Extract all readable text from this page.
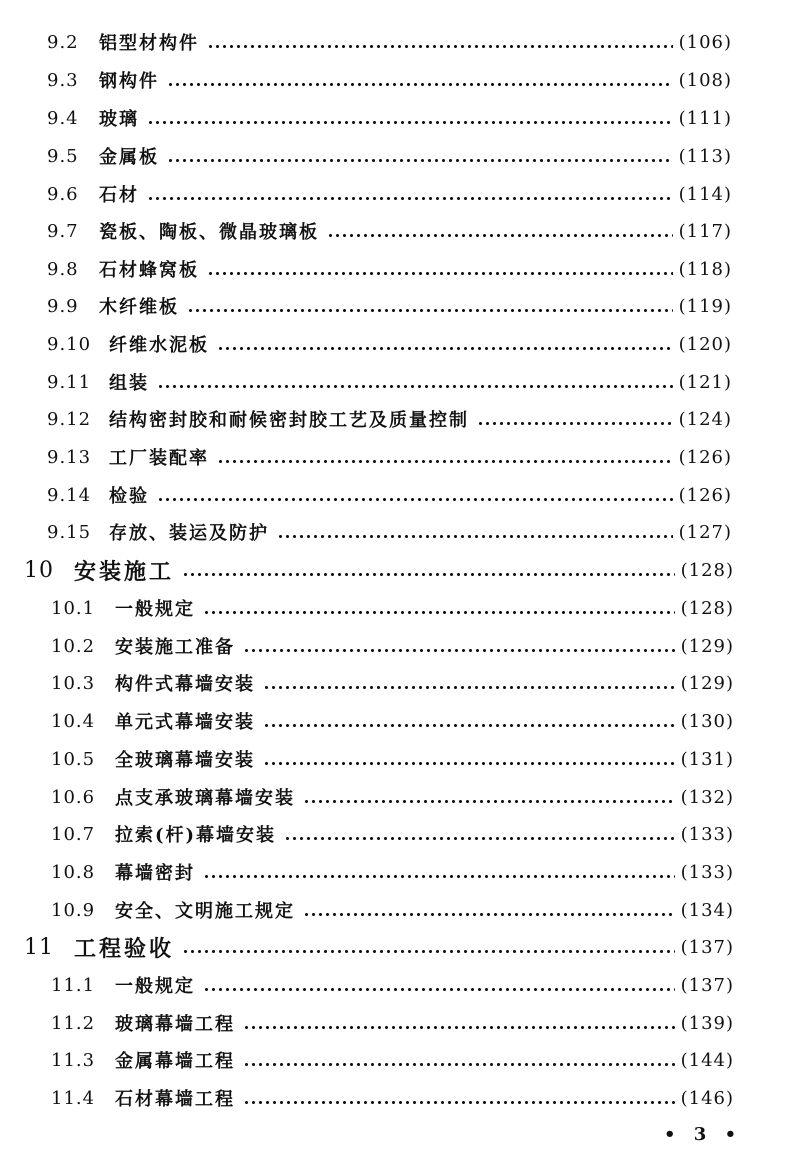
9.2	铝型材构件	(106)
9.3	钢构件	(108)
9.4	玻璃	(111)
9.5	金属板	(113)
9.6	石材	(114)
9.7	瓷板、陶板、微晶玻璃板	(117)
9.8	石材蜂窝板	(118)
9.9	木纤维板	(119)
9.10 纤维水泥板	(120)
9.11 组装	(121)
9.12 结构密封胶和耐候密封胶工艺及质量控制	(124)
9.13 工厂装配率	(126)
9.14 检验	(126)
9.15 存放、装运及防护	(127)
10 安装施工	(128)
10.1	一般规定	(128)
10.2	安装施工准备	(129)
10.3	构件式幕墙安装	(129)
10.4	单元式幕墙安装	(130)
10.5	全玻璃幕墙安装	(131)
10.6	点支承玻璃幕墙安装	(132)
10.7	拉索(杆)幕墙安装	(133)
10.8	幕墙密封	(133)
10.9	安全、文明施工规定	(134)
11 工程验收	(137)
11.1	一般规定	(137)
11.2	玻璃幕墙工程	(139)
11.3	金属幕墙工程	(144)
11.4	石材幕墙工程	(146)
• 3 •
